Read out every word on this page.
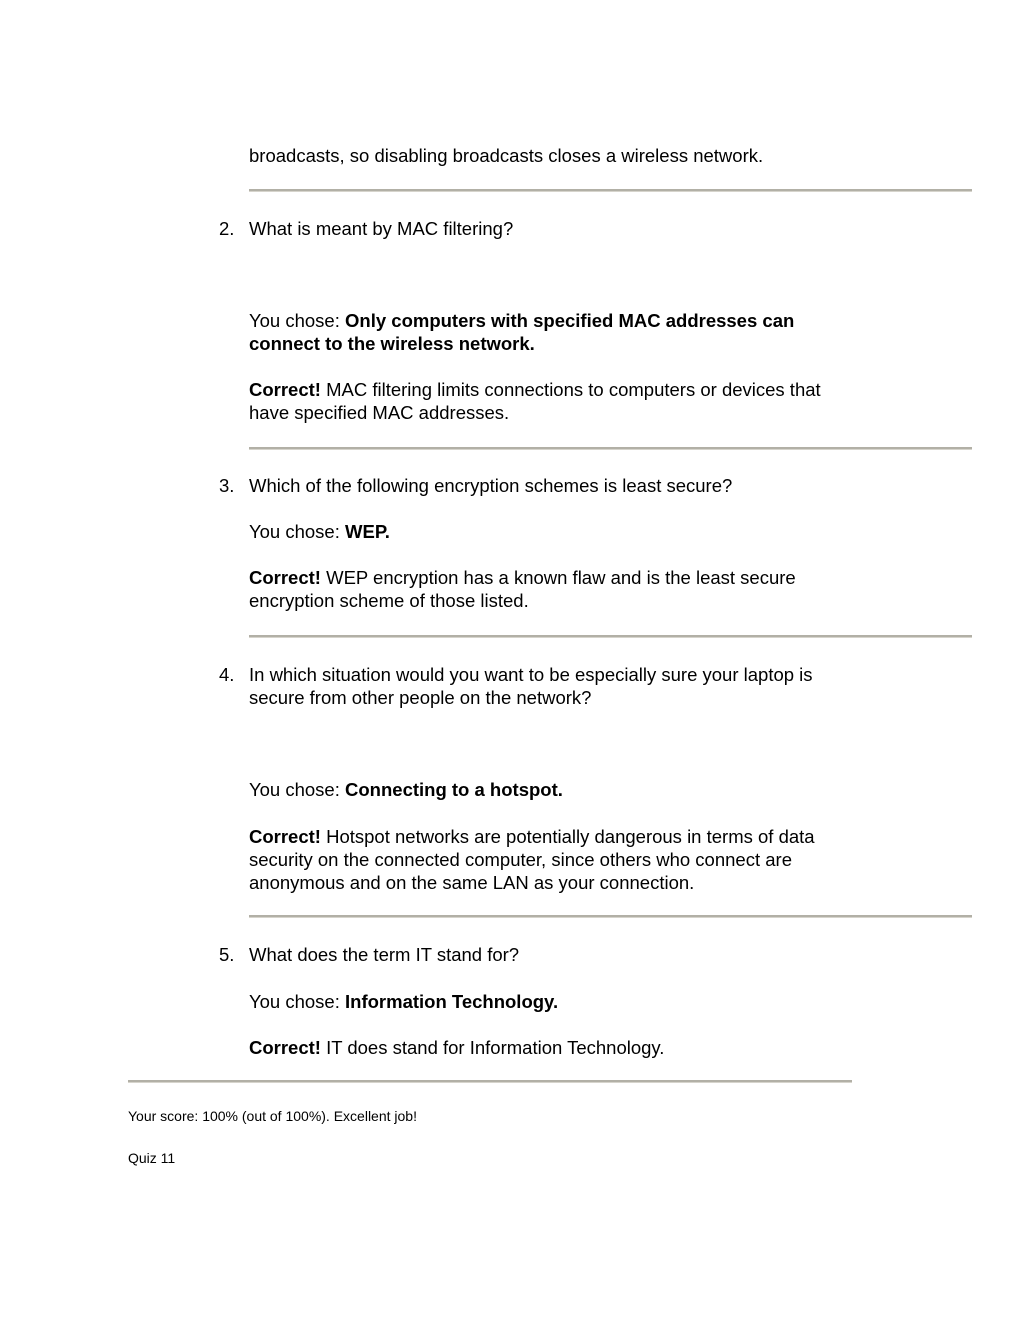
broadcasts, so disabling broadcasts closes a wireless network.
2. What is meant by MAC filtering?
You chose: Only computers with specified MAC addresses can
connect to the wireless network.
Correct! MAC filtering limits connections to computers or devices that
have specified MAC addresses.
3. Which of the following encryption schemes is least secure?
You chose: WEP.
Correct! WEP encryption has a known flaw and is the least secure
encryption scheme of those listed.
4. In which situation would you want to be especially sure your laptop is
secure from other people on the network?
You chose: Connecting to a hotspot.
Correct! Hotspot networks are potentially dangerous in terms of data
security on the connected computer, since others who connect are
anonymous and on the same LAN as your connection.
5. What does the term IT stand for?
You chose: Information Technology.
Correct! IT does stand for Information Technology.
Your score: 100% (out of 100%). Excellent job!
Quiz 11
